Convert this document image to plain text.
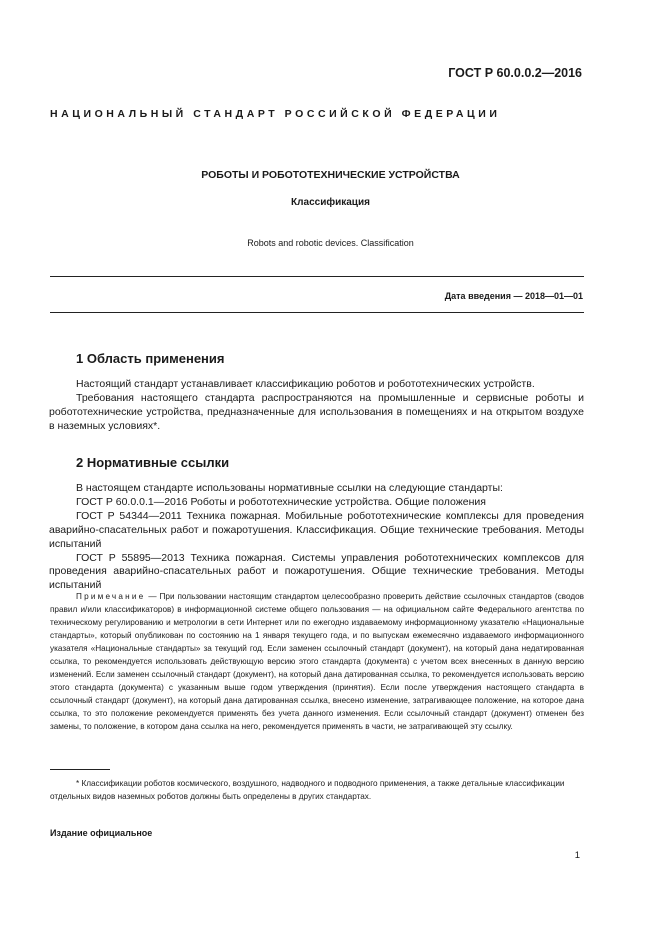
ГОСТ Р 60.0.0.2—2016
НАЦИОНАЛЬНЫЙ СТАНДАРТ РОССИЙСКОЙ ФЕДЕРАЦИИ
РОБОТЫ И РОБОТОТЕХНИЧЕСКИЕ УСТРОЙСТВА
Классификация
Robots and robotic devices. Classification
Дата введения — 2018—01—01
1 Область применения

Настоящий стандарт устанавливает классификацию роботов и робототехнических устройств.

Требования настоящего стандарта распространяются на промышленные и сервисные роботы и робототехнические устройства, предназначенные для использования в помещениях и на открытом воздухе в наземных условиях*.

2 Нормативные ссылки

В настоящем стандарте использованы нормативные ссылки на следующие стандарты:

ГОСТ Р 60.0.0.1—2016 Роботы и робототехнические устройства. Общие положения

ГОСТ Р 54344—2011 Техника пожарная. Мобильные робототехнические комплексы для проведения аварийно-спасательных работ и пожаротушения. Классификация. Общие технические требования. Методы испытаний

ГОСТ Р 55895—2013 Техника пожарная. Системы управления робототехнических комплексов для проведения аварийно-спасательных работ и пожаротушения. Общие технические требования. Методы испытаний

Примечание — При пользовании настоящим стандартом целесообразно проверить действие ссылочных стандартов (сводов правил и/или классификаторов) в информационной системе общего пользования — на официальном сайте Федерального агентства по техническому регулированию и метрологии в сети Интернет или по ежегодно издаваемому информационному указателю «Национальные стандарты», который опубликован по состоянию на 1 января текущего года, и по выпускам ежемесячно издаваемого информационного указателя «Национальные стандарты» за текущий год. Если заменен ссылочный стандарт (документ), на который дана недатированная ссылка, то рекомендуется использовать действующую версию этого стандарта (документа) с учетом всех внесенных в данную версию изменений. Если заменен ссылочный стандарт (документ), на который дана датированная ссылка, то рекомендуется использовать версию этого стандарта (документа) с указанным выше годом утверждения (принятия). Если после утверждения настоящего стандарта в ссылочный стандарт (документ), на который дана датированная ссылка, внесено изменение, затрагивающее положение, на которое дана ссылка, то это положение рекомендуется применять без учета данного изменения. Если ссылочный стандарт (документ) отменен без замены, то положение, в котором дана ссылка на него, рекомендуется применять в части, не затрагивающей эту ссылку.

* Классификации роботов космического, воздушного, надводного и подводного применения, а также детальные классификации отдельных видов наземных роботов должны быть определены в других стандартах.

Издание официальное
1
